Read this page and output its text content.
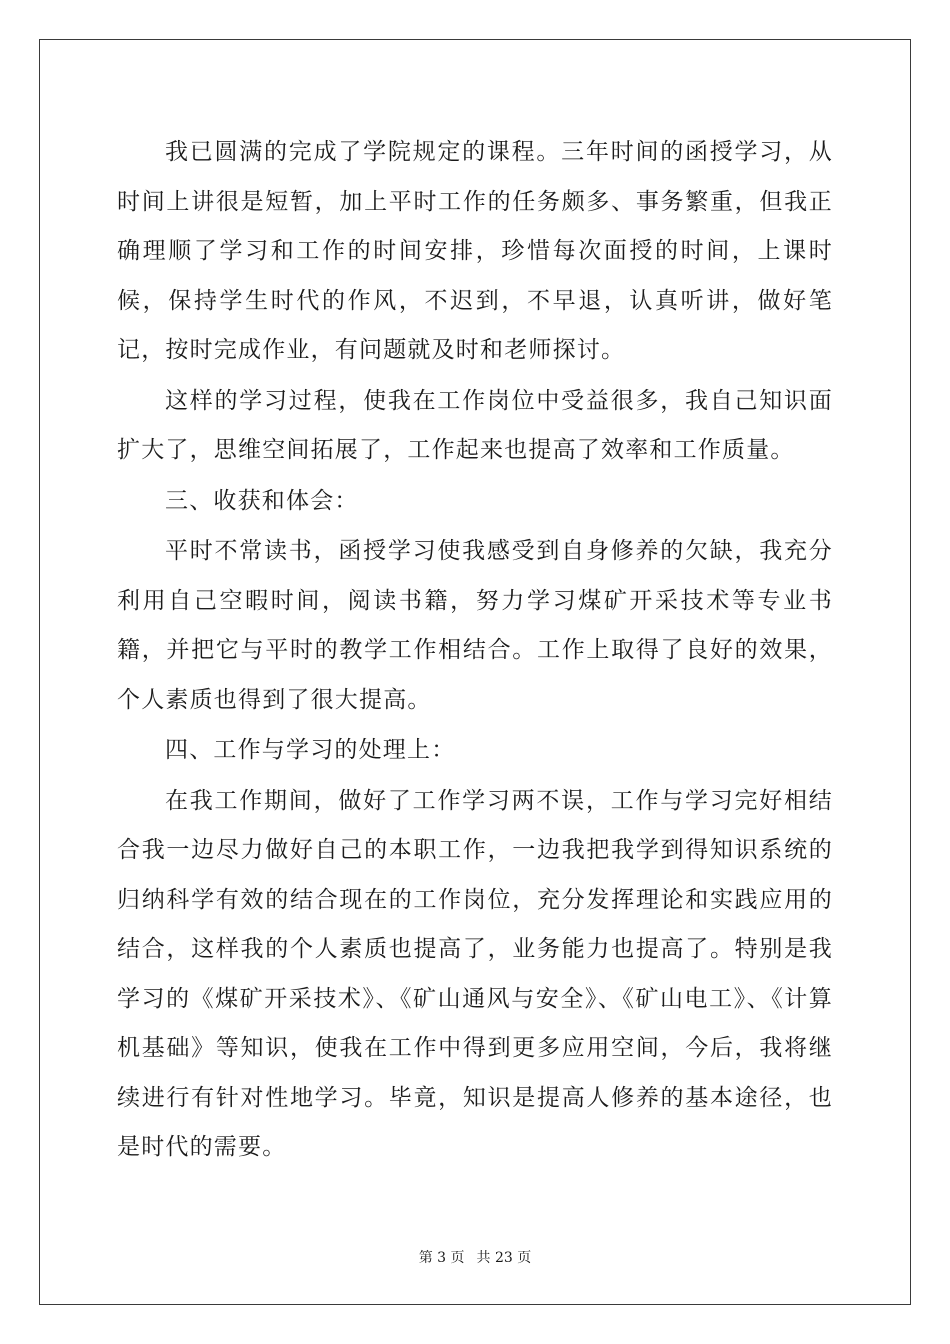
我已圆满的完成了学院规定的课程。三年时间的函授学习，从时间上讲很是短暂，加上平时工作的任务颇多、事务繁重，但我正确理顺了学习和工作的时间安排，珍惜每次面授的时间，上课时候，保持学生时代的作风，不迟到，不早退，认真听讲，做好笔记，按时完成作业，有问题就及时和老师探讨。

这样的学习过程，使我在工作岗位中受益很多，我自己知识面扩大了，思维空间拓展了，工作起来也提高了效率和工作质量。

三、收获和体会：

平时不常读书，函授学习使我感受到自身修养的欠缺，我充分利用自己空暇时间，阅读书籍，努力学习煤矿开采技术等专业书籍，并把它与平时的教学工作相结合。工作上取得了良好的效果，个人素质也得到了很大提高。

四、工作与学习的处理上：

在我工作期间，做好了工作学习两不误，工作与学习完好相结合我一边尽力做好自己的本职工作，一边我把我学到得知识系统的归纳科学有效的结合现在的工作岗位，充分发挥理论和实践应用的结合，这样我的个人素质也提高了，业务能力也提高了。特别是我学习的《煤矿开采技术》、《矿山通风与安全》、《矿山电工》、《计算机基础》等知识，使我在工作中得到更多应用空间，今后，我将继续进行有针对性地学习。毕竟，知识是提高人修养的基本途径，也是时代的需要。

第 3 页 共 23 页
